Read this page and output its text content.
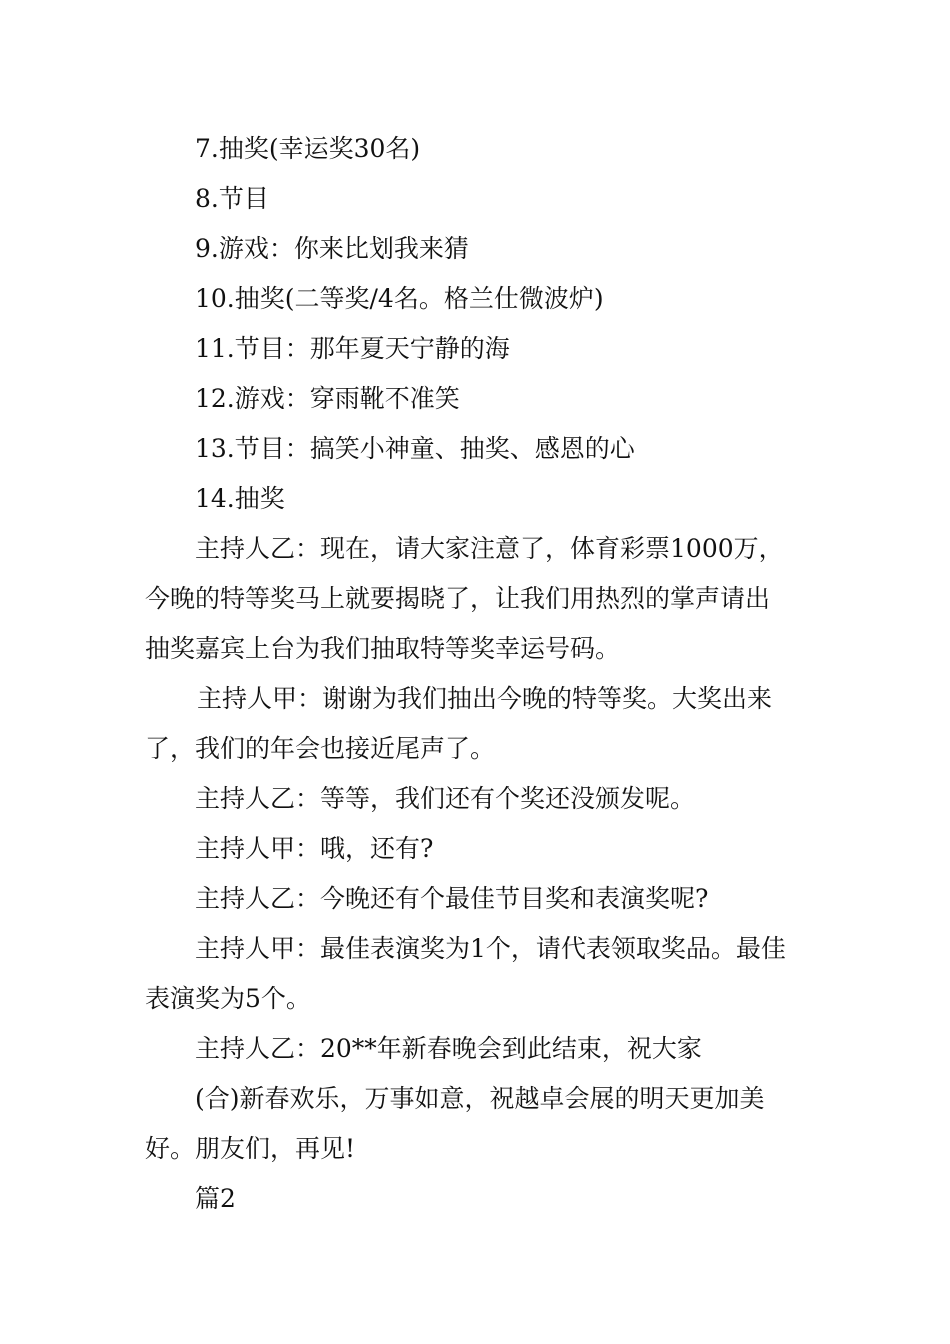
7.抽奖(幸运奖30名)
8.节目
9.游戏：你来比划我来猜
10.抽奖(二等奖/4名。格兰仕微波炉)
11.节目：那年夏天宁静的海
12.游戏：穿雨靴不准笑
13.节目：搞笑小神童、抽奖、感恩的心
14.抽奖
主持人乙：现在，请大家注意了，体育彩票1000万，
今晚的特等奖马上就要揭晓了，让我们用热烈的掌声请出
抽奖嘉宾上台为我们抽取特等奖幸运号码。
主持人甲：谢谢为我们抽出今晚的特等奖。大奖出来
了，我们的年会也接近尾声了。
主持人乙：等等，我们还有个奖还没颁发呢。
主持人甲：哦，还有?
主持人乙：今晚还有个最佳节目奖和表演奖呢?
主持人甲：最佳表演奖为1个，请代表领取奖品。最佳
表演奖为5个。
主持人乙：20**年新春晚会到此结束，祝大家
(合)新春欢乐，万事如意，祝越卓会展的明天更加美
好。朋友们，再见!
篇2
